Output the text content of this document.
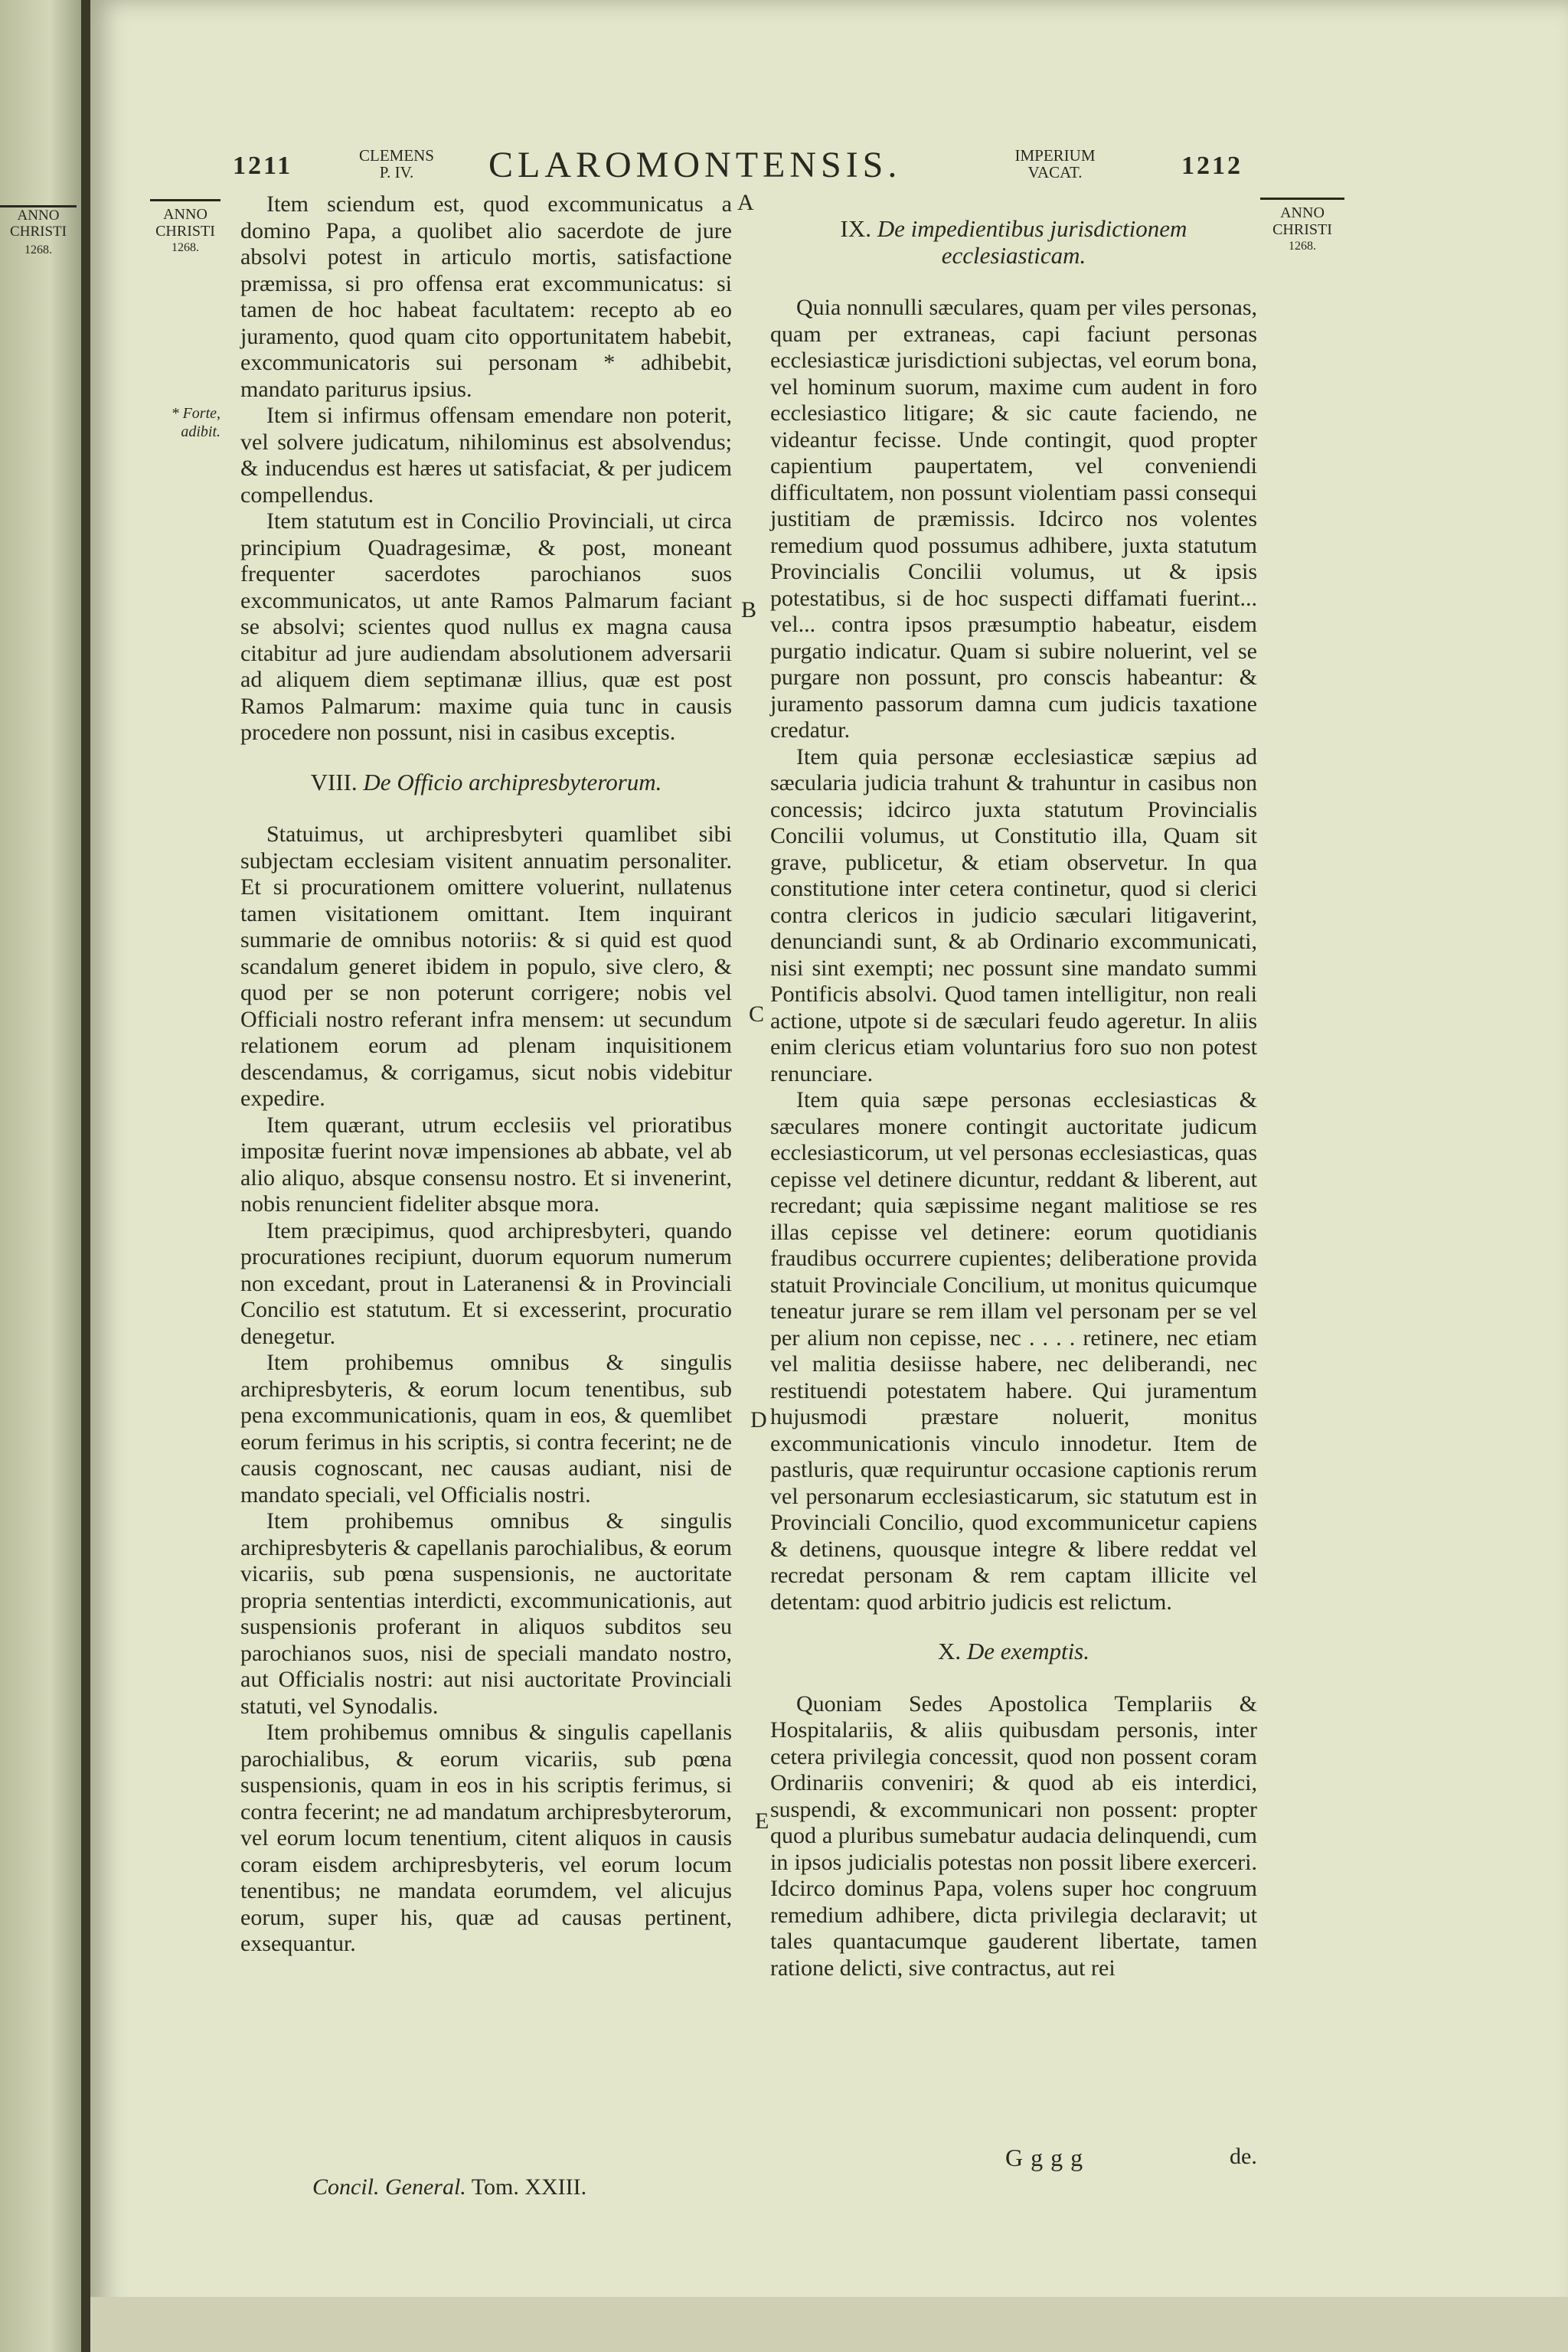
ANNO
CHRISTI
1268.
1211	CLEMENS
P. IV.	CLAROMONTENSIS.	IMPERIUM
VACAT.	1212
ANNO
CHRISTI
1268.
* Forte,
adibit.
ANNO
CHRISTI
1268.
A
B
C
D
E

Item sciendum est, quod excommunicatus a domino Papa, a quolibet alio sacerdote de jure absolvi potest in articulo mortis, satisfactione præmissa, si pro offensa erat excommunicatus: si tamen de hoc habeat facultatem: recepto ab eo juramento, quod quam cito opportunitatem habebit, excommunicatoris sui personam * adhibebit, mandato pariturus ipsius.

Item si infirmus offensam emendare non poterit, vel solvere judicatum, nihilominus est absolvendus; & inducendus est hæres ut satisfaciat, & per judicem compellendus.

Item statutum est in Concilio Provinciali, ut circa principium Quadragesimæ, & post, moneant frequenter sacerdotes parochianos suos excommunicatos, ut ante Ramos Palmarum faciant se absolvi; scientes quod nullus ex magna causa citabitur ad jure audiendam absolutionem adversarii ad aliquem diem septimanæ illius, quæ est post Ramos Palmarum: maxime quia tunc in causis procedere non possunt, nisi in casibus exceptis.

VIII. De Officio archipresbyterorum.

Statuimus, ut archipresbyteri quamlibet sibi subjectam ecclesiam visitent annuatim personaliter. Et si procurationem omittere voluerint, nullatenus tamen visitationem omittant. Item inquirant summarie de omnibus notoriis: & si quid est quod scandalum generet ibidem in populo, sive clero, & quod per se non poterunt corrigere; nobis vel Officiali nostro referant infra mensem: ut secundum relationem eorum ad plenam inquisitionem descendamus, & corrigamus, sicut nobis videbitur expedire.

Item quærant, utrum ecclesiis vel prioratibus impositæ fuerint novæ impensiones ab abbate, vel ab alio aliquo, absque consensu nostro. Et si invenerint, nobis renuncient fideliter absque mora.

Item præcipimus, quod archipresbyteri, quando procurationes recipiunt, duorum equorum numerum non excedant, prout in Lateranensi & in Provinciali Concilio est statutum. Et si excesserint, procuratio denegetur.

Item prohibemus omnibus & singulis archipresbyteris, & eorum locum tenentibus, sub pena excommunicationis, quam in eos, & quemlibet eorum ferimus in his scriptis, si contra fecerint; ne de causis cognoscant, nec causas audiant, nisi de mandato speciali, vel Officialis nostri.

Item prohibemus omnibus & singulis archipresbyteris & capellanis parochialibus, & eorum vicariis, sub pœna suspensionis, ne auctoritate propria sententias interdicti, excommunicationis, aut suspensionis proferant in aliquos subditos seu parochianos suos, nisi de speciali mandato nostro, aut Officialis nostri: aut nisi auctoritate Provinciali statuti, vel Synodalis.

Item prohibemus omnibus & singulis capellanis parochialibus, & eorum vicariis, sub pœna suspensionis, quam in eos in his scriptis ferimus, si contra fecerint; ne ad mandatum archipresbyterorum, vel eorum locum tenentium, citent aliquos in causis coram eisdem archipresbyteris, vel eorum locum tenentibus; ne mandata eorumdem, vel alicujus eorum, super his, quæ ad causas pertinent, exsequantur.

IX. De impedientibus jurisdictionem ecclesiasticam.

Quia nonnulli sæculares, quam per viles personas, quam per extraneas, capi faciunt personas ecclesiasticæ jurisdictioni subjectas, vel eorum bona, vel hominum suorum, maxime cum audent in foro ecclesiastico litigare; & sic caute faciendo, ne videantur fecisse. Unde contingit, quod propter capientium paupertatem, vel conveniendi difficultatem, non possunt violentiam passi consequi justitiam de præmissis. Idcirco nos volentes remedium quod possumus adhibere, juxta statutum Provincialis Concilii volumus, ut & ipsis potestatibus, si de hoc suspecti diffamati fuerint... vel... contra ipsos præsumptio habeatur, eisdem purgatio indicatur. Quam si subire noluerint, vel se purgare non possunt, pro conscis habeantur: & juramento passorum damna cum judicis taxatione credatur.

Item quia personæ ecclesiasticæ sæpius ad sæcularia judicia trahunt & trahuntur in casibus non concessis; idcirco juxta statutum Provincialis Concilii volumus, ut Constitutio illa, Quam sit grave, publicetur, & etiam observetur. In qua constitutione inter cetera continetur, quod si clerici contra clericos in judicio sæculari litigaverint, denunciandi sunt, & ab Ordinario excommunicati, nisi sint exempti; nec possunt sine mandato summi Pontificis absolvi. Quod tamen intelligitur, non reali actione, utpote si de sæculari feudo ageretur. In aliis enim clericus etiam voluntarius foro suo non potest renunciare.

Item quia sæpe personas ecclesiasticas & sæculares monere contingit auctoritate judicum ecclesiasticorum, ut vel personas ecclesiasticas, quas cepisse vel detinere dicuntur, reddant & liberent, aut recredant; quia sæpissime negant malitiose se res illas cepisse vel detinere: eorum quotidianis fraudibus occurrere cupientes; deliberatione provida statuit Provinciale Concilium, ut monitus quicumque teneatur jurare se rem illam vel personam per se vel per alium non cepisse, nec . . . . retinere, nec etiam vel malitia desiisse habere, nec deliberandi, nec restituendi potestatem habere. Qui juramentum hujusmodi præstare noluerit, monitus excommunicationis vinculo innodetur. Item de pastluris, quæ requiruntur occasione captionis rerum vel personarum ecclesiasticarum, sic statutum est in Provinciali Concilio, quod excommunicetur capiens & detinens, quousque integre & libere reddat vel recredat personam & rem captam illicite vel detentam: quod arbitrio judicis est relictum.

X. De exemptis.

Quoniam Sedes Apostolica Templariis & Hospitalariis, & aliis quibusdam personis, inter cetera privilegia concessit, quod non possent coram Ordinariis conveniri; & quod ab eis interdici, suspendi, & excommunicari non possent: propter quod a pluribus sumebatur audacia delinquendi, cum in ipsos judicialis potestas non possit libere exerceri. Idcirco dominus Papa, volens super hoc congruum remedium adhibere, dicta privilegia declaravit; ut tales quantacumque gauderent libertate, tamen ratione delicti, sive contractus, aut rei

Concil. General. Tom. XXIII.
Gggg	de.
